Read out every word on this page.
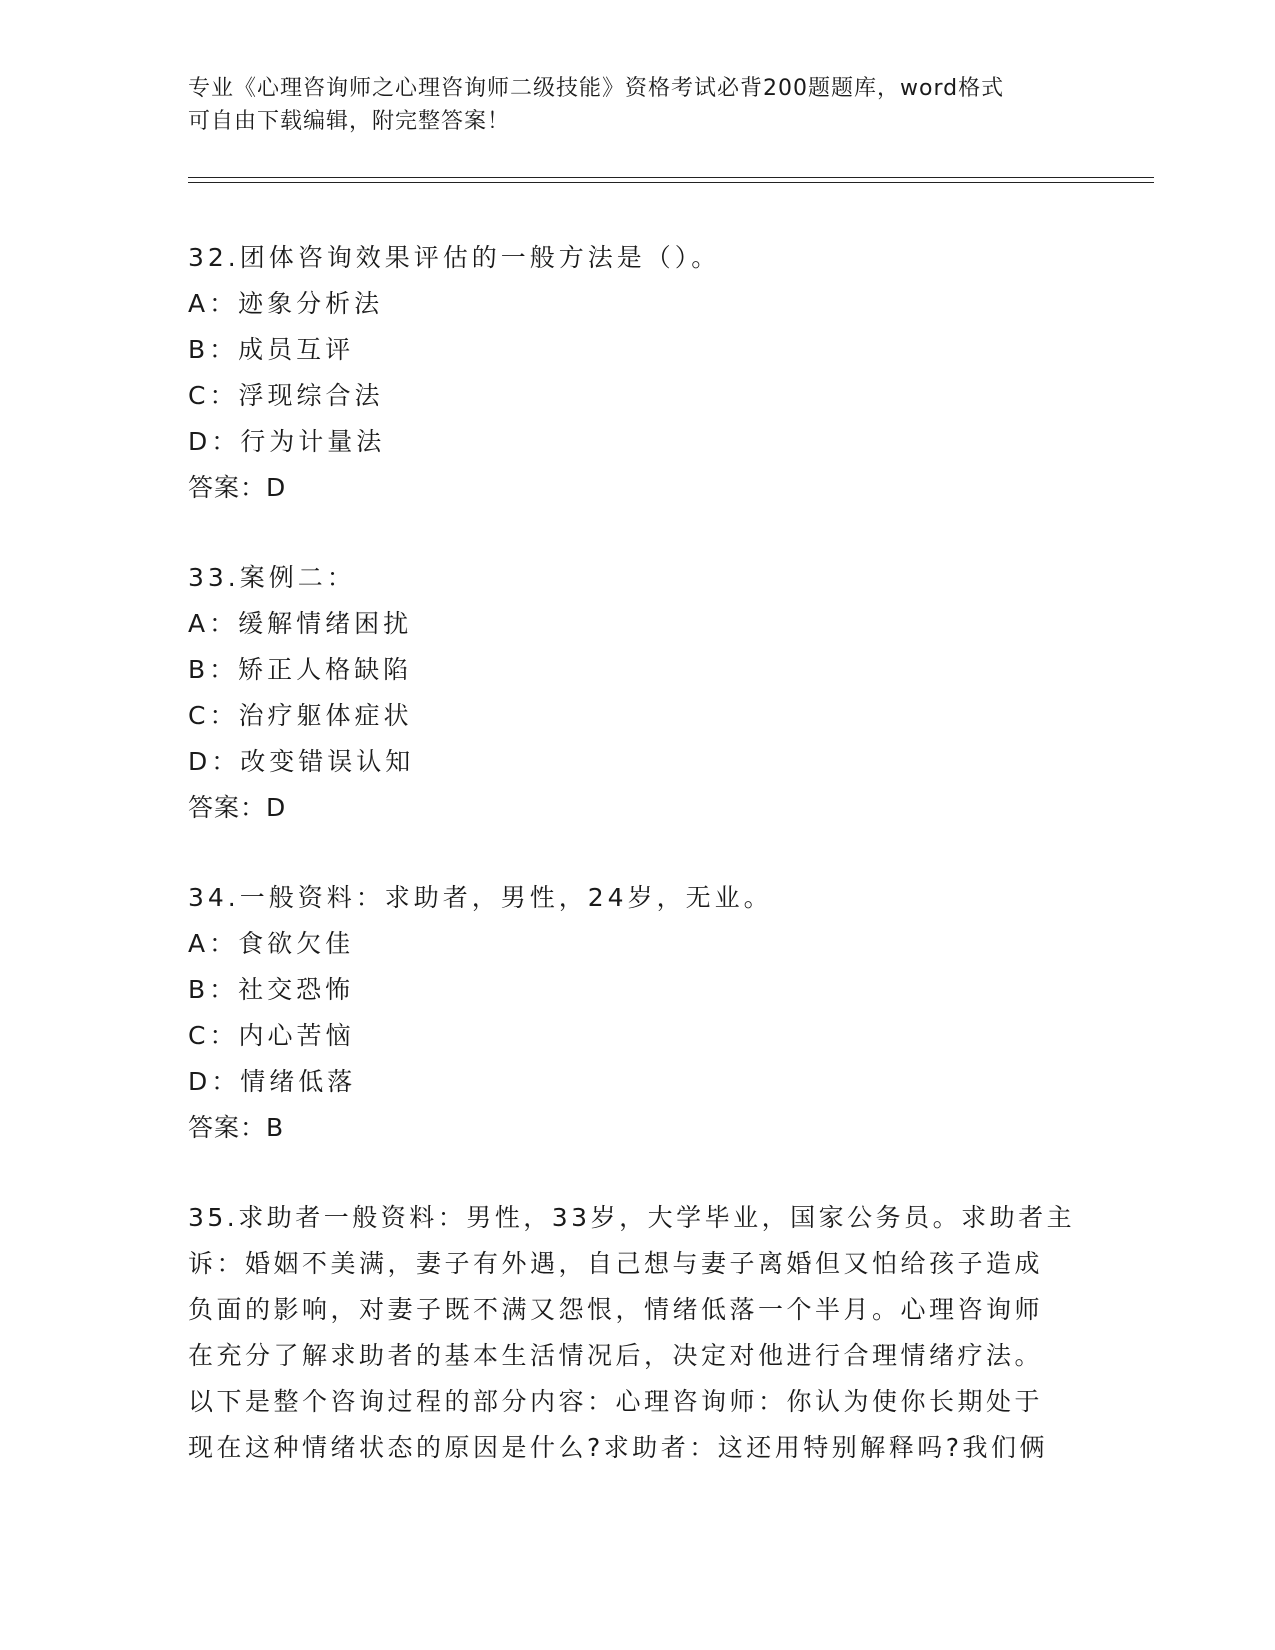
专业《心理咨询师之心理咨询师二级技能》资格考试必背200题题库，word格式
可自由下载编辑，附完整答案！
32.团体咨询效果评估的一般方法是（）。
A：迹象分析法
B：成员互评
C：浮现综合法
D：行为计量法
答案：D
33.案例二：
A：缓解情绪困扰
B：矫正人格缺陷
C：治疗躯体症状
D：改变错误认知
答案：D
34.一般资料：求助者，男性，24岁，无业。
A：食欲欠佳
B：社交恐怖
C：内心苦恼
D：情绪低落
答案：B
35.求助者一般资料：男性，33岁，大学毕业，国家公务员。求助者主
诉：婚姻不美满，妻子有外遇，自己想与妻子离婚但又怕给孩子造成
负面的影响，对妻子既不满又怨恨，情绪低落一个半月。心理咨询师
在充分了解求助者的基本生活情况后，决定对他进行合理情绪疗法。
以下是整个咨询过程的部分内容：心理咨询师：你认为使你长期处于
现在这种情绪状态的原因是什么?求助者：这还用特别解释吗?我们俩
